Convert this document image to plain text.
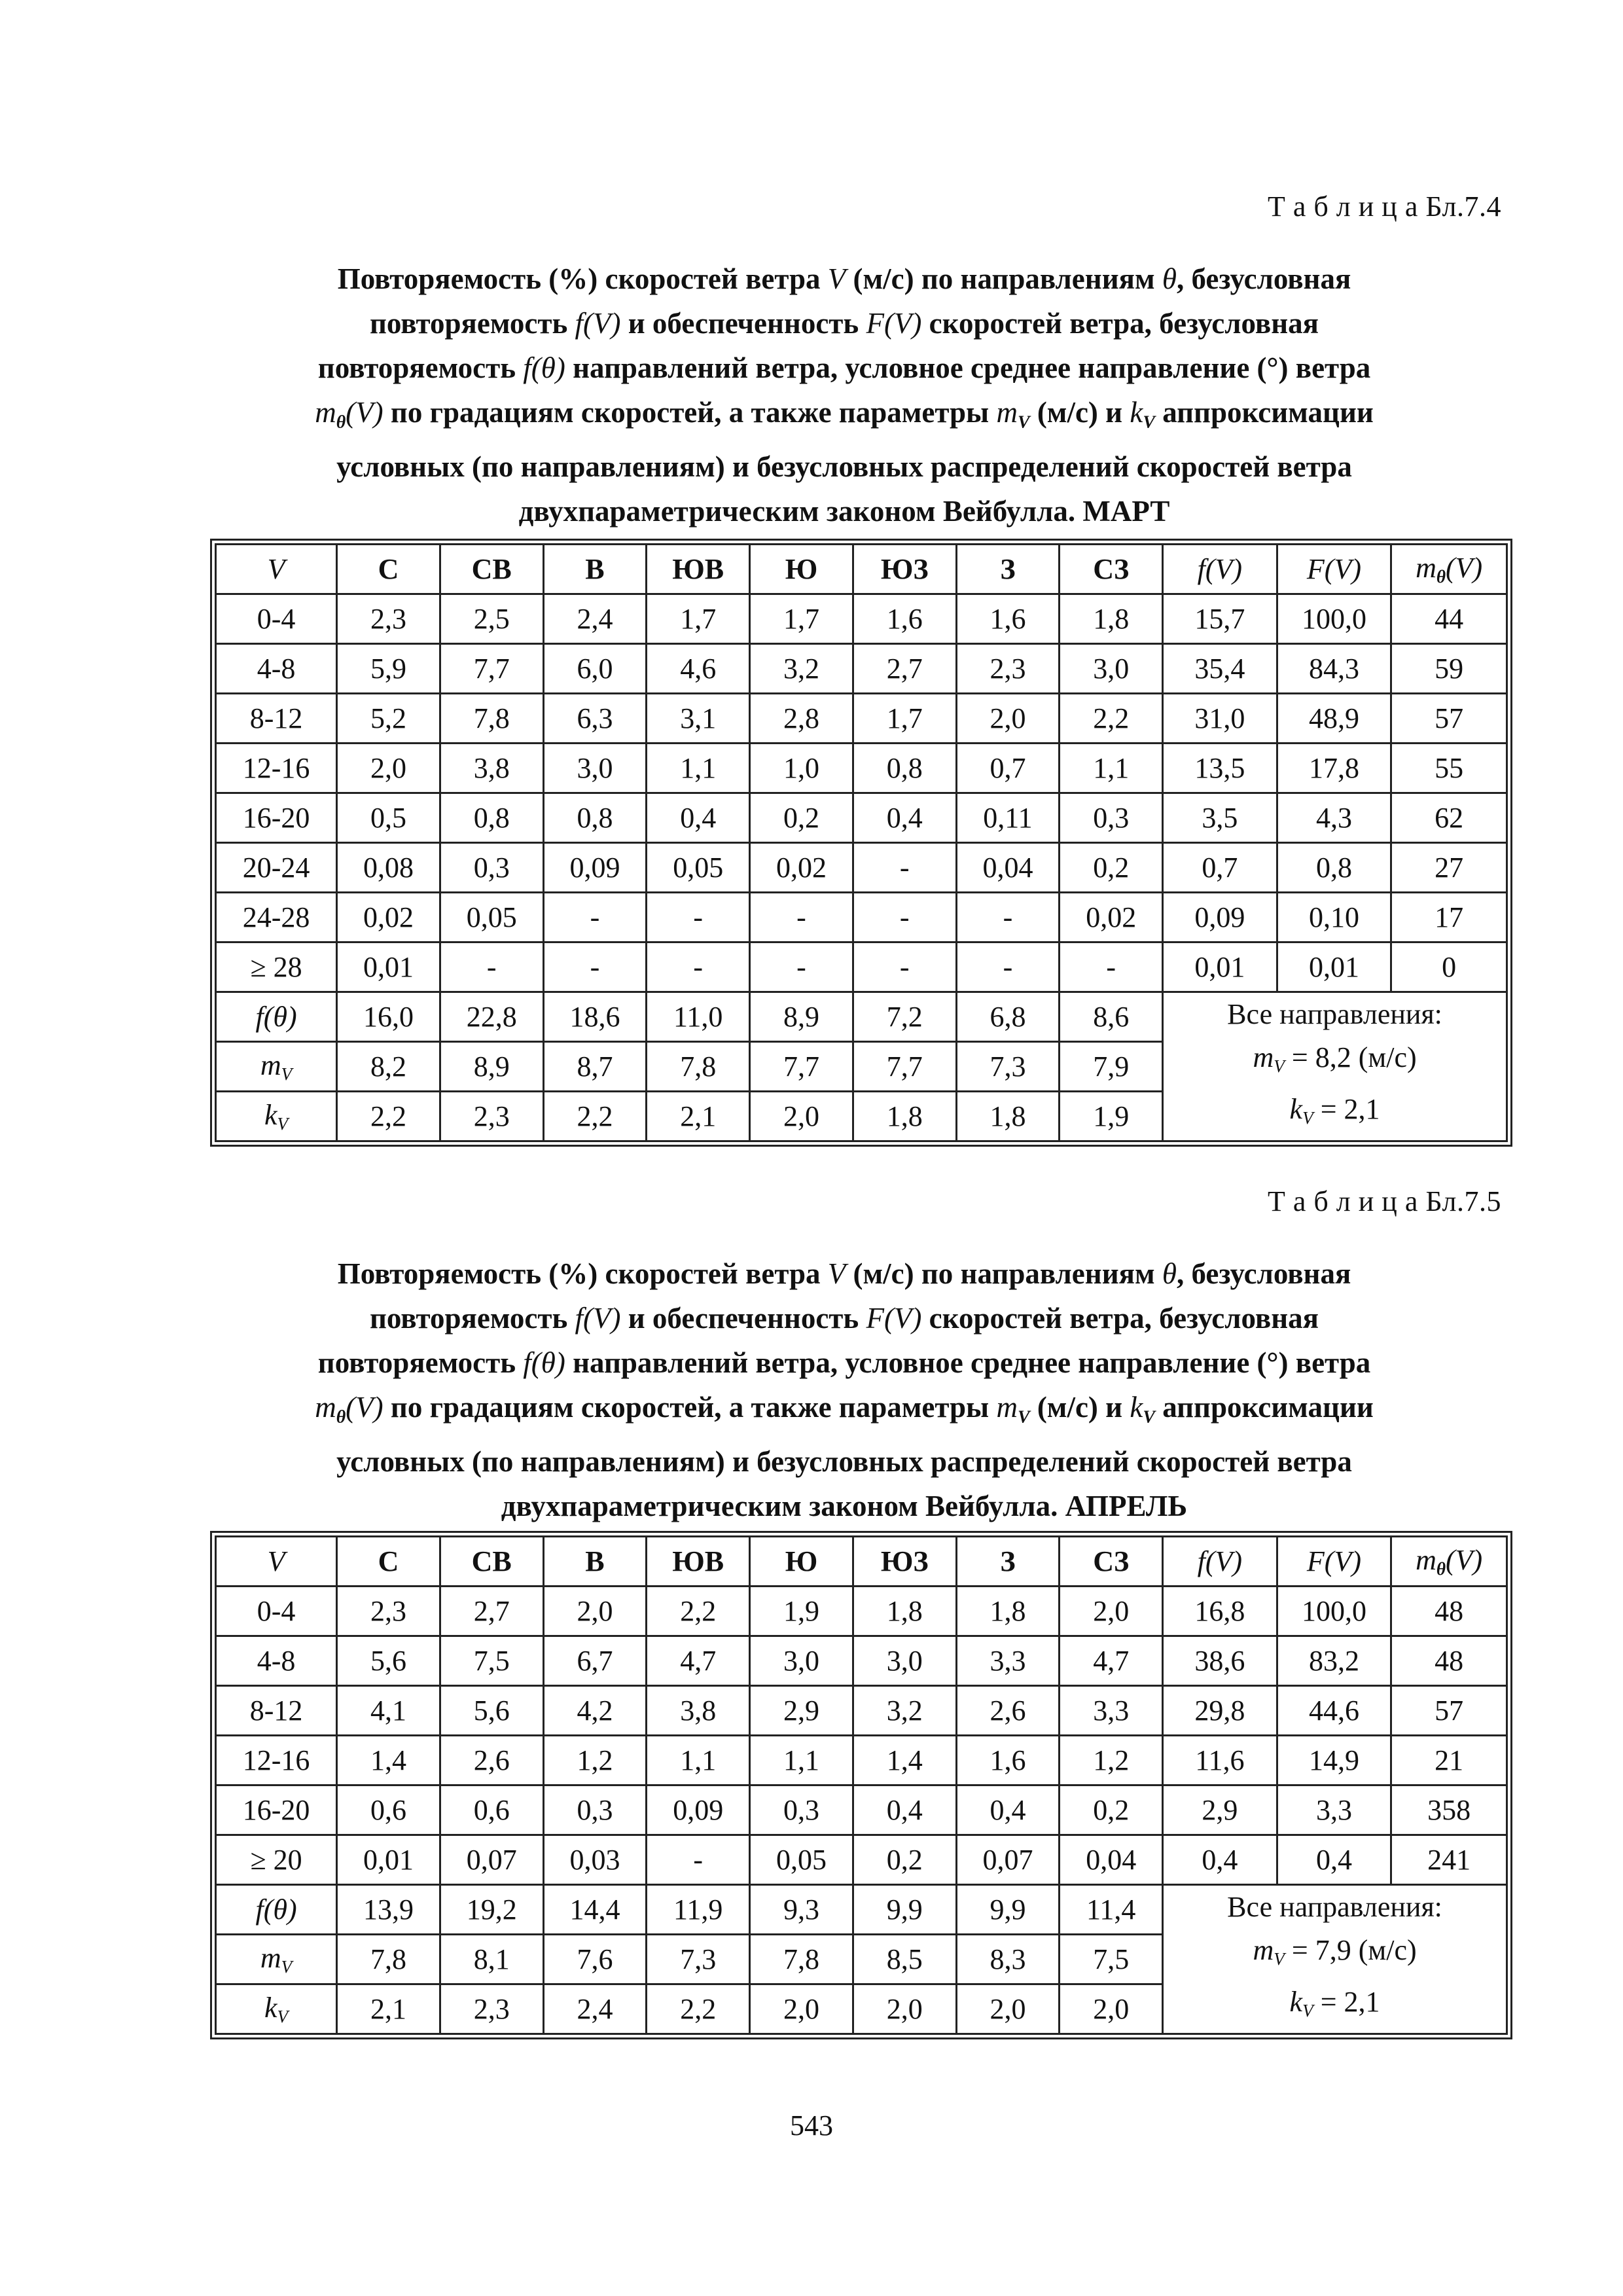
Т а б л и ц а Бл.7.4
Повторяемость (%) скоростей ветра V (м/с) по направлениям θ, безусловная
повторяемость f(V) и обеспеченность F(V) скоростей ветра, безусловная
повторяемость f(θ) направлений ветра, условное среднее направление (°) ветра
$m_\theta(V)$ по градациям скоростей, а также параметры $m_V$ (м/с) и $k_V$ аппроксимации
условных (по направлениям) и безусловных распределений скоростей ветра
двухпараметрическим законом Вейбулла. МАРТ
V	С	СВ	В	ЮВ	Ю	ЮЗ	З	СЗ	f(V)	F(V)	$m_\theta(V)$
0-4	2,3	2,5	2,4	1,7	1,7	1,6	1,6	1,8	15,7	100,0	44
4-8	5,9	7,7	6,0	4,6	3,2	2,7	2,3	3,0	35,4	84,3	59
8-12	5,2	7,8	6,3	3,1	2,8	1,7	2,0	2,2	31,0	48,9	57
12-16	2,0	3,8	3,0	1,1	1,0	0,8	0,7	1,1	13,5	17,8	55
16-20	0,5	0,8	0,8	0,4	0,2	0,4	0,11	0,3	3,5	4,3	62
20-24	0,08	0,3	0,09	0,05	0,02	-	0,04	0,2	0,7	0,8	27
24-28	0,02	0,05	-	-	-	-	-	0,02	0,09	0,10	17
≥ 28	0,01	-	-	-	-	-	-	-	0,01	0,01	0
f(θ)	16,0	22,8	18,6	11,0	8,9	7,2	6,8	8,6	Все направления:
$m_V = 8,2$ (м/с)
$k_V = 2,1$		

$m_V$	8,2	8,9	8,7	7,8	7,7	7,7	7,3	7,9			
$k_V$	2,2	2,3	2,2	2,1	2,0	1,8	1,8	1,9			
Т а б л и ц а Бл.7.5
Повторяемость (%) скоростей ветра V (м/с) по направлениям θ, безусловная
повторяемость f(V) и обеспеченность F(V) скоростей ветра, безусловная
повторяемость f(θ) направлений ветра, условное среднее направление (°) ветра
$m_\theta(V)$ по градациям скоростей, а также параметры $m_V$ (м/с) и $k_V$ аппроксимации
условных (по направлениям) и безусловных распределений скоростей ветра
двухпараметрическим законом Вейбулла. АПРЕЛЬ
V	С	СВ	В	ЮВ	Ю	ЮЗ	З	СЗ	f(V)	F(V)	$m_\theta(V)$
0-4	2,3	2,7	2,0	2,2	1,9	1,8	1,8	2,0	16,8	100,0	48
4-8	5,6	7,5	6,7	4,7	3,0	3,0	3,3	4,7	38,6	83,2	48
8-12	4,1	5,6	4,2	3,8	2,9	3,2	2,6	3,3	29,8	44,6	57
12-16	1,4	2,6	1,2	1,1	1,1	1,4	1,6	1,2	11,6	14,9	21
16-20	0,6	0,6	0,3	0,09	0,3	0,4	0,4	0,2	2,9	3,3	358
≥ 20	0,01	0,07	0,03	-	0,05	0,2	0,07	0,04	0,4	0,4	241
f(θ)	13,9	19,2	14,4	11,9	9,3	9,9	9,9	11,4	Все направления:
$m_V = 7,9$ (м/с)
$k_V = 2,1$		

$m_V$	7,8	8,1	7,6	7,3	7,8	8,5	8,3	7,5			
$k_V$	2,1	2,3	2,4	2,2	2,0	2,0	2,0	2,0			
543
